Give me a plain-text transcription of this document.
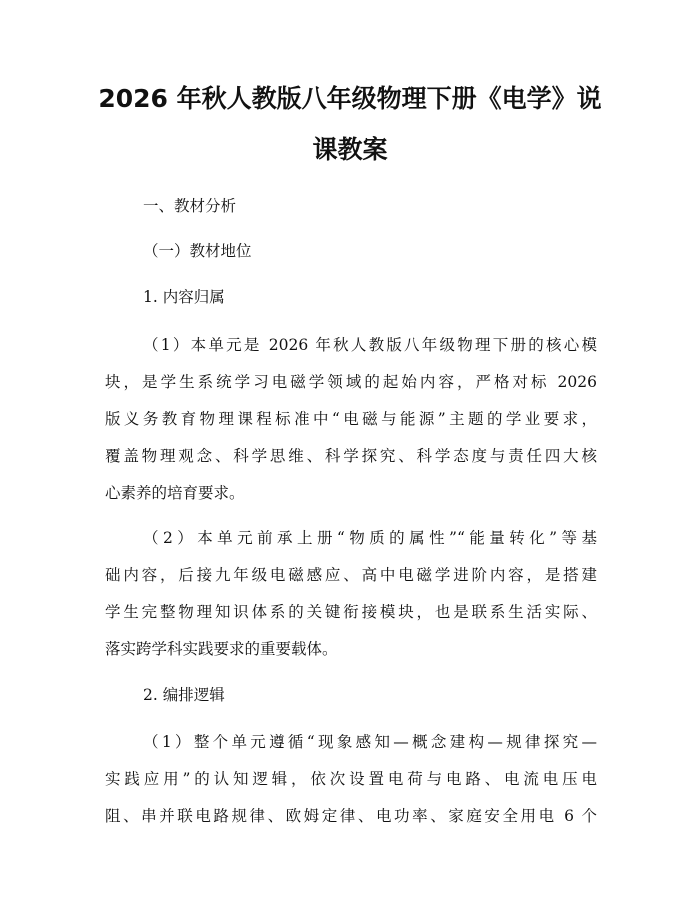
2026 年秋人教版八年级物理下册《电学》说
课教案
一、教材分析
（一）教材地位
1. 内容归属
（1）本单元是 2026 年秋人教版八年级物理下册的核心模
块，是学生系统学习电磁学领域的起始内容，严格对标 2026
版义务教育物理课程标准中“电磁与能源”主题的学业要求，
覆盖物理观念、科学思维、科学探究、科学态度与责任四大核
心素养的培育要求。
（2）本单元前承上册“物质的属性”“能量转化”等基
础内容，后接九年级电磁感应、高中电磁学进阶内容，是搭建
学生完整物理知识体系的关键衔接模块，也是联系生活实际、
落实跨学科实践要求的重要载体。
2. 编排逻辑
（1）整个单元遵循“现象感知—概念建构—规律探究—
实践应用”的认知逻辑，依次设置电荷与电路、电流电压电
阻、串并联电路规律、欧姆定律、电功率、家庭安全用电 6 个
